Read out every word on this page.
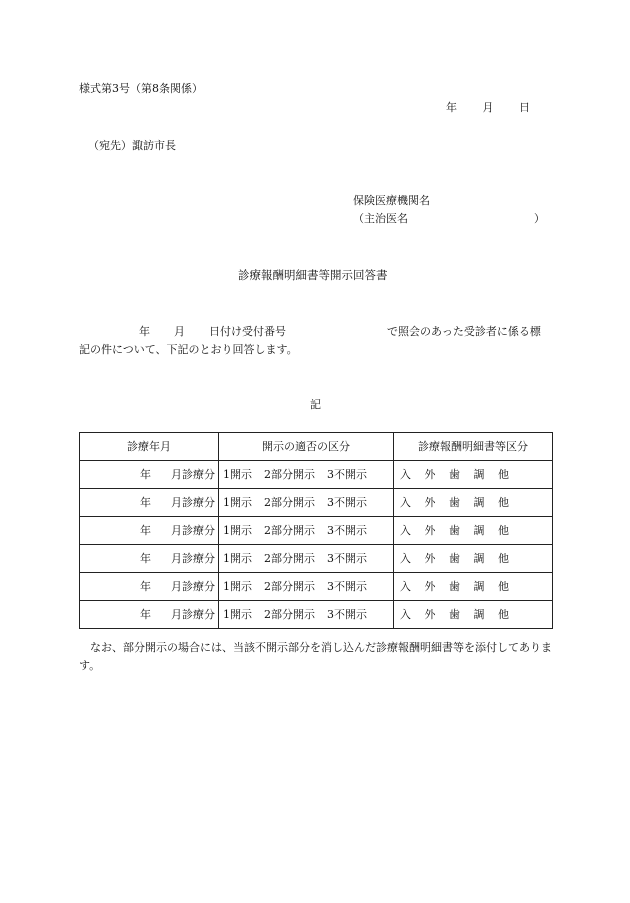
様式第3号（第8条関係）
年 月 日
（宛先）諏訪市長
保険医療機関名
（主治医名	）
診療報酬明細書等開示回答書
年 月 日付け受付番号	で照会のあった受診者に係る標
記の件について、下記のとおり回答します。
記
診療年月	開示の適否の区分	診療報酬明細書等区分
年 月診療分	1開示 2部分開示 3不開示	入 外 歯 調 他
年 月診療分	1開示 2部分開示 3不開示	入 外 歯 調 他
年 月診療分	1開示 2部分開示 3不開示	入 外 歯 調 他
年 月診療分	1開示 2部分開示 3不開示	入 外 歯 調 他
年 月診療分	1開示 2部分開示 3不開示	入 外 歯 調 他
年 月診療分	1開示 2部分開示 3不開示	入 外 歯 調 他
なお、部分開示の場合には、当該不開示部分を消し込んだ診療報酬明細書等を添付してあります。
